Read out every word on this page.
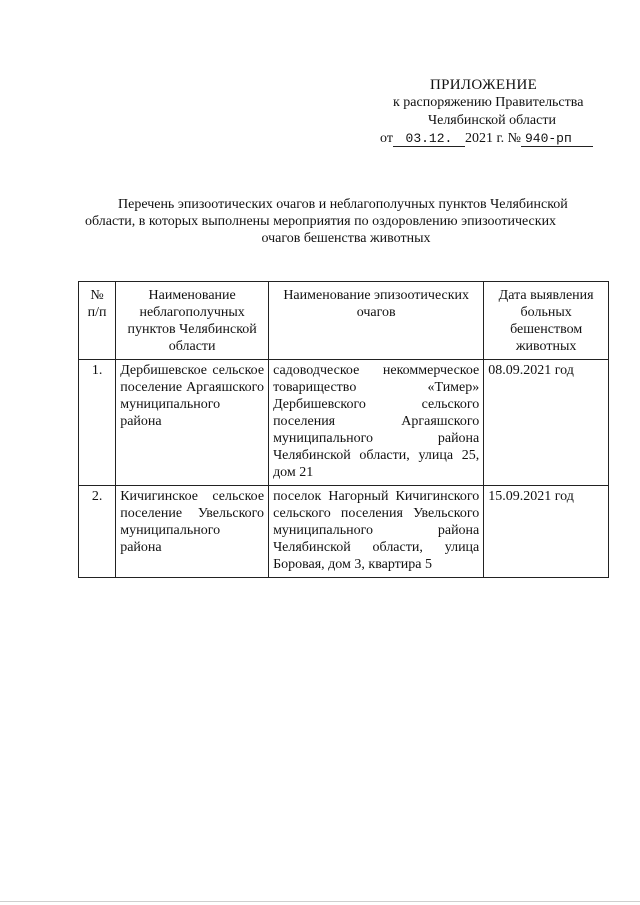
ПРИЛОЖЕНИЕ
к распоряжению Правительства
Челябинской области
от 03.12. 2021 г. № 940-рп

Перечень эпизоотических очагов и неблагополучных пунктов Челябинской

области, в которых выполнены мероприятия по оздоровлению эпизоотических

очагов бешенства животных

№ п/п	Наименование неблагополучных пунктов Челябинской области	Наименование эпизоотических очагов	Дата выявления больных бешенством животных
1.	Дербишевское сельское поселение Аргаяшского муниципального района	садоводческое некоммерческое товарищество «Тимер» Дербишевского сельского поселения Аргаяшского муниципального района Челябинской области, улица 25, дом 21	08.09.2021 год
2.	Кичигинское сельское поселение Увельского муниципального района	поселок Нагорный Кичигинского сельского поселения Увельского муниципального района Челябинской области, улица Боровая, дом 3, квартира 5	15.09.2021 год
